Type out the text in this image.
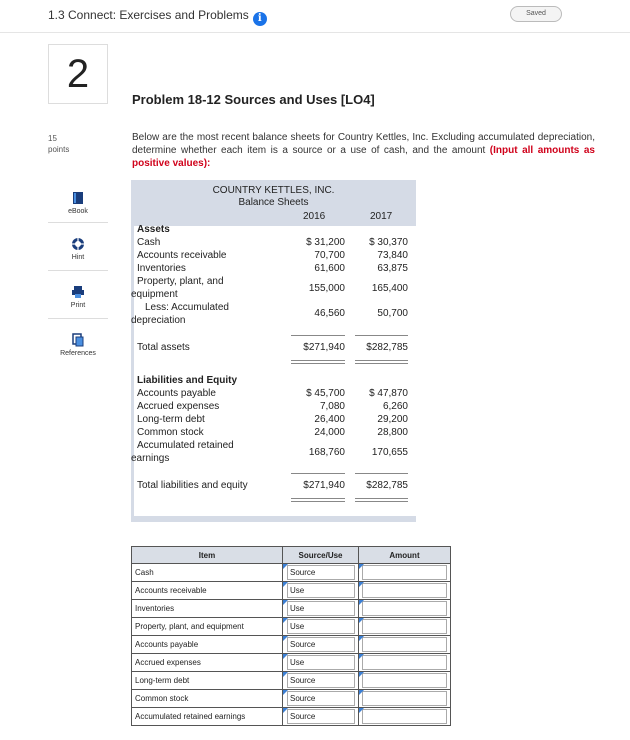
1.3 Connect: Exercises and Problems i	Saved
2
Problem 18-12 Sources and Uses [LO4]
15
points
Below are the most recent balance sheets for Country Kettles, Inc. Excluding accumulated depreciation, determine whether each item is a source or a use of cash, and the amount (Input all amounts as positive values):
eBook
Hint
Print
References
COUNTRY KETTLES, INC.
Balance Sheets
2016	2017
Assets
Cash	$ 31,200	$ 30,370
Accounts receivable	70,700	73,840
Inventories	61,600	63,875
Property, plant, and
equipment
155,000	165,400
Less: Accumulated
depreciation
46,560	50,700
Total assets	$271,940	$282,785
Liabilities and Equity
Accounts payable	$ 45,700	$ 47,870
Accrued expenses	7,080	6,260
Long-term debt	26,400	29,200
Common stock	24,000	28,800
Accumulated retained
earnings
168,760	170,655
Total liabilities and equity	$271,940	$282,785
Item	Source/Use	Amount
Cash	Source	

Accounts receivable	Use	

Inventories	Use	

Property, plant, and equipment	Use	

Accounts payable	Source	

Accrued expenses	Use	

Long-term debt	Source	

Common stock	Source	

Accumulated retained earnings	Source	
